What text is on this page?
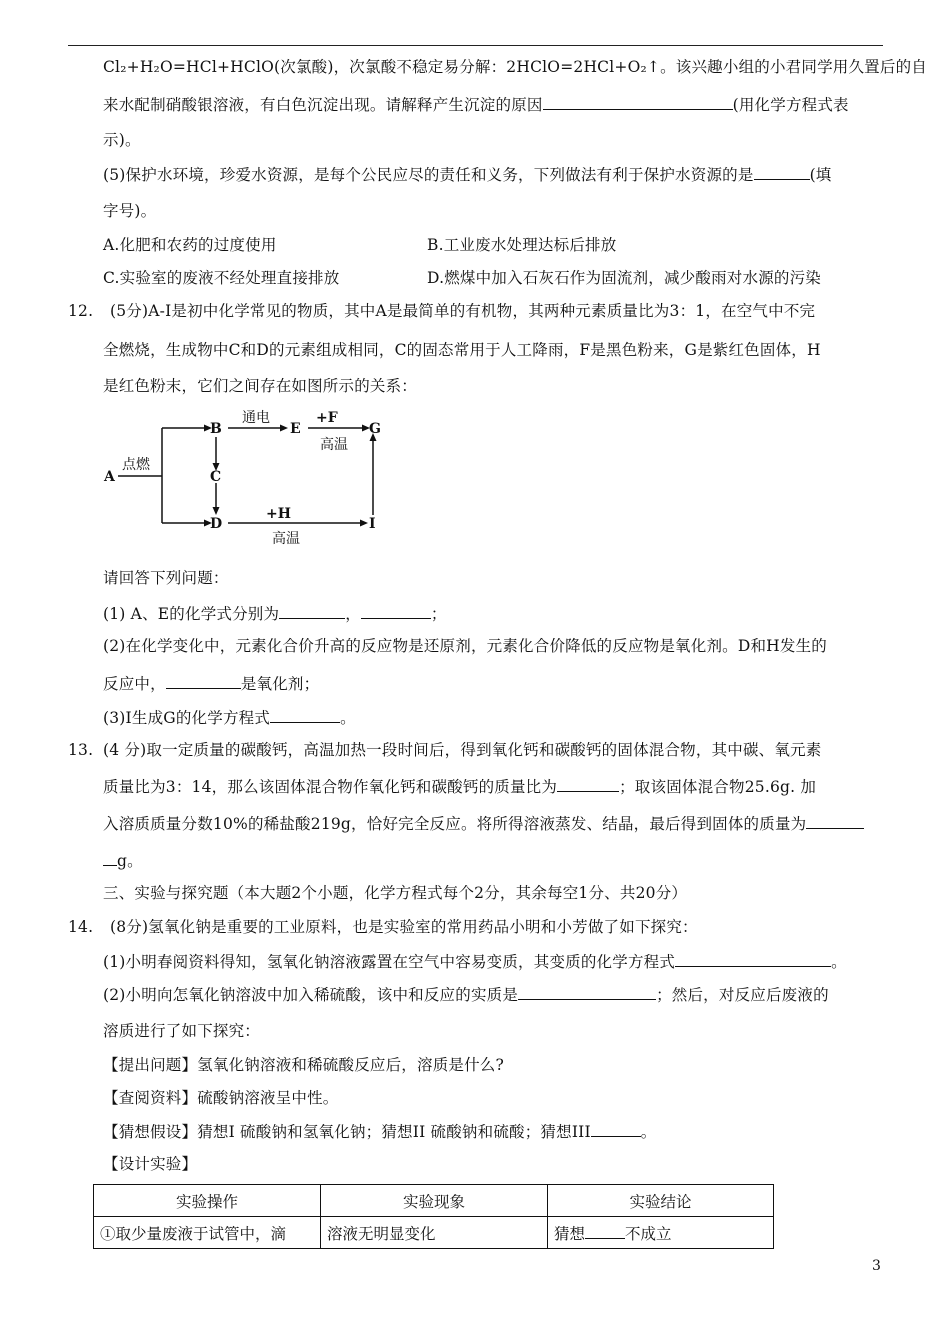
Cl₂+H₂O=HCl+HClO(次氯酸)，次氯酸不稳定易分解：2HClO=2HCl+O₂↑。该兴趣小组的小君同学用久置后的自
来水配制硝酸银溶液，有白色沉淀出现。请解释产生沉淀的原因	(用化学方程式表
示)。
(5)保护水环境，珍爱水资源，是每个公民应尽的责任和义务，下列做法有利于保护水资源的是	(填
字号)。
A.化肥和农药的过度使用	B.工业废水处理达标后排放
C.实验室的废液不经处理直接排放	D.燃煤中加入石灰石作为固流剂，减少酸雨对水源的污染
12. (5分)A-I是初中化学常见的物质，其中A是最简单的有机物，其两种元素质量比为3：1，在空气中不完
全燃烧，生成物中C和D的元素组成相同，C的固态常用于人工降雨，F是黑色粉来，G是紫红色固体，H
是红色粉末，它们之间存在如图所示的关系：
A
B
C
D
E	G
I
点燃
通电	+F
高温
+H
高温
请回答下列问题：
(1) A、E的化学式分别为	，	；
(2)在化学变化中，元素化合价升高的反应物是还原剂，元素化合价降低的反应物是氧化剂。D和H发生的
反应中，	是氧化剂；
(3)I生成G的化学方程式	。
13. (4 分)取一定质量的碳酸钙，高温加热一段时间后，得到氧化钙和碳酸钙的固体混合物，其中碳、氧元素
质量比为3：14，那么该固体混合物作氧化钙和碳酸钙的质量比为	；取该固体混合物25.6g. 加
入溶质质量分数10%的稀盐酸219g，恰好完全反应。将所得溶液蒸发、结晶，最后得到固体的质量为
g。
三、实验与探究题（本大题2个小题，化学方程式每个2分，其余每空1分、共20分）
14. (8分)氢氧化钠是重要的工业原料，也是实验室的常用药品小明和小芳做了如下探究：
(1)小明春阅资料得知，氢氧化钠溶液露置在空气中容易变质，其变质的化学方程式	。
(2)小明向怎氧化钠溶波中加入稀硫酸，该中和反应的实质是	；然后，对反应后废液的
溶质进行了如下探究：
【提出问题】氢氧化钠溶液和稀硫酸反应后，溶质是什么?
【查阅资料】硫酸钠溶液呈中性。
【猜想假设】猜想Ⅰ 硫酸钠和氢氧化钠；猜想II 硫酸钠和硫酸；猜想III	。
【设计实验】
实验操作	实验现象	实验结论
①取少量废液于试管中，滴	溶液无明显变化	猜想 不成立
3
